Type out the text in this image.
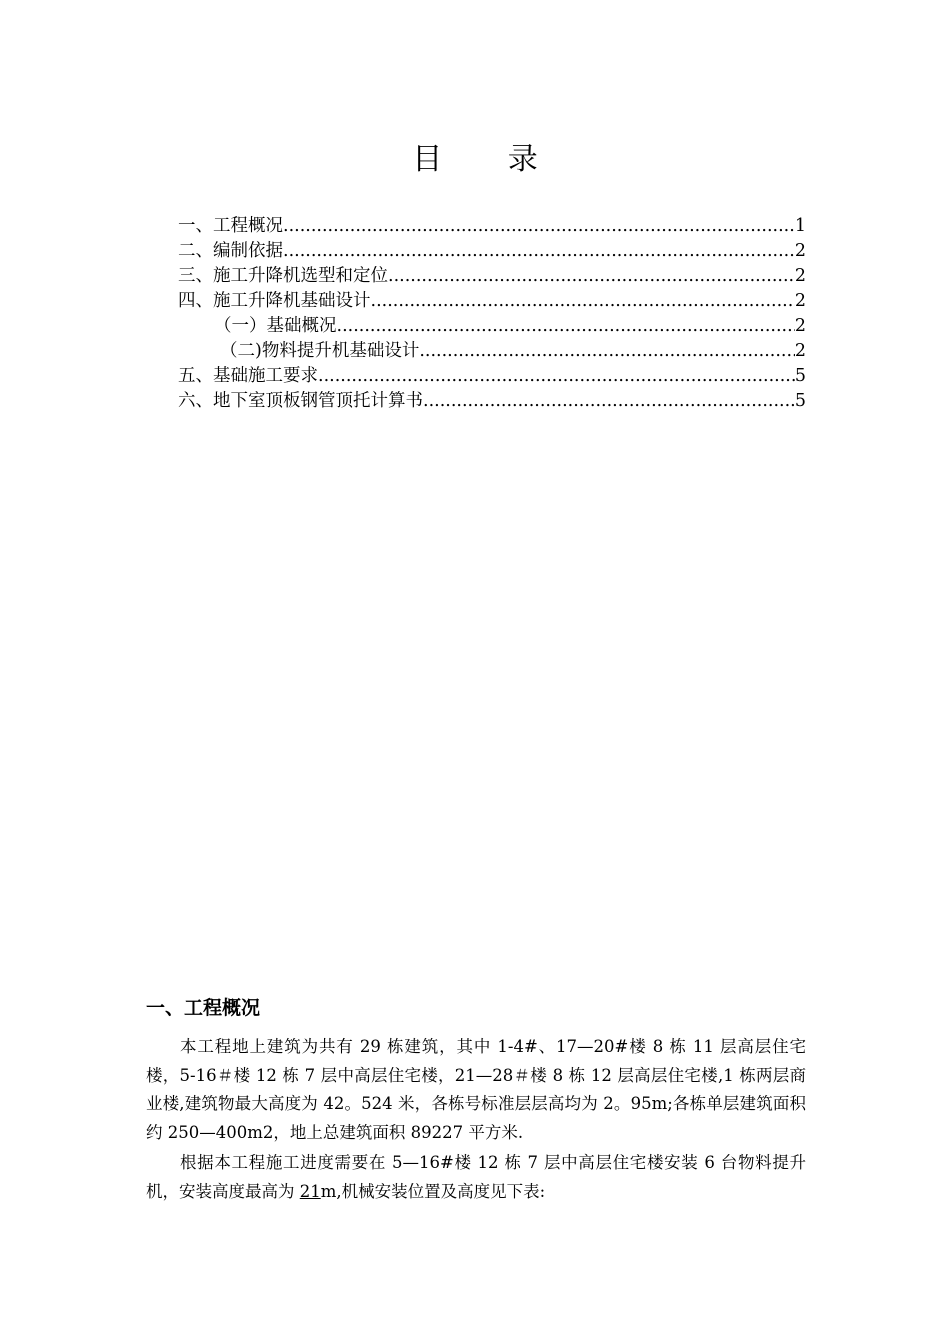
目 录
一、工程概况 .....	1
二、编制依据 .....	2
三、施工升降机选型和定位 .....	2
四、施工升降机基础设计 .....	2
（一）基础概况 .....	2
（二)物料提升机基础设计 .....	2
五、基础施工要求 .....	5
六、地下室顶板钢管顶托计算书 .....	5
一、工程概况

本工程地上建筑为共有 29 栋建筑，其中 1-4#、17—20#楼 8 栋 11 层高层住宅楼，5-16＃楼 12 栋 7 层中高层住宅楼，21—28＃楼 8 栋 12 层高层住宅楼,1 栋两层商业楼,建筑物最大高度为 42。524 米，各栋号标准层层高均为 2。95m;各栋单层建筑面积约 250—400m2，地上总建筑面积 89227 平方米.

根据本工程施工进度需要在 5—16#楼 12 栋 7 层中高层住宅楼安装 6 台物料提升机，安装高度最高为 21m,机械安装位置及高度见下表:
